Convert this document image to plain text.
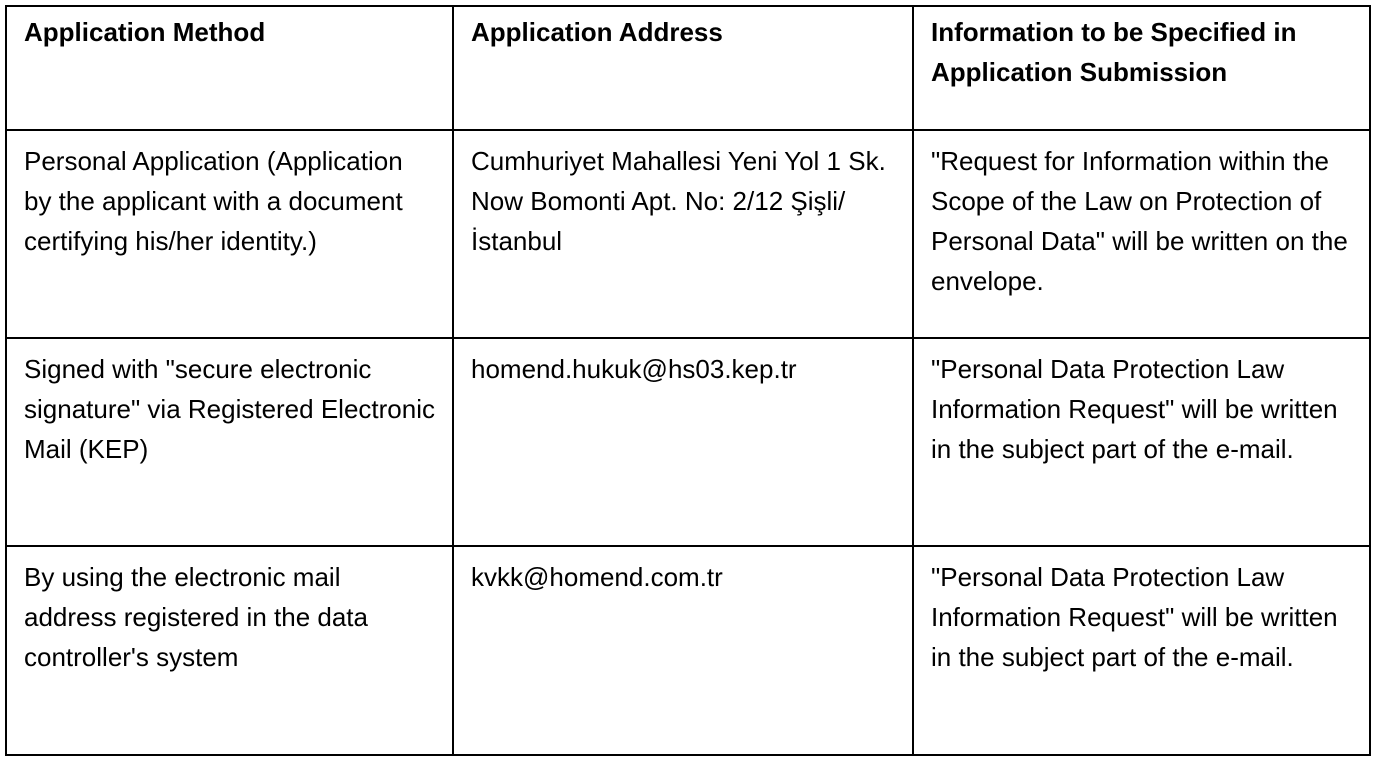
Application Method	Application Address	Information to be Specified in Application Submission

Personal Application (Application by the applicant with a document certifying his/her identity.)	Cumhuriyet Mahallesi Yeni Yol 1 Sk. Now Bomonti Apt. No: 2/12 Şişli/İstanbul	"Request for Information within the Scope of the Law on Protection of Personal Data" will be written on the envelope.

Signed with "secure electronic signature" via Registered Electronic Mail (KEP)	homend.hukuk@hs03.kep.tr	"Personal Data Protection Law Information Request" will be written in the subject part of the e-mail.

By using the electronic mail address registered in the data controller's system	kvkk@homend.com.tr	"Personal Data Protection Law Information Request" will be written in the subject part of the e-mail.
